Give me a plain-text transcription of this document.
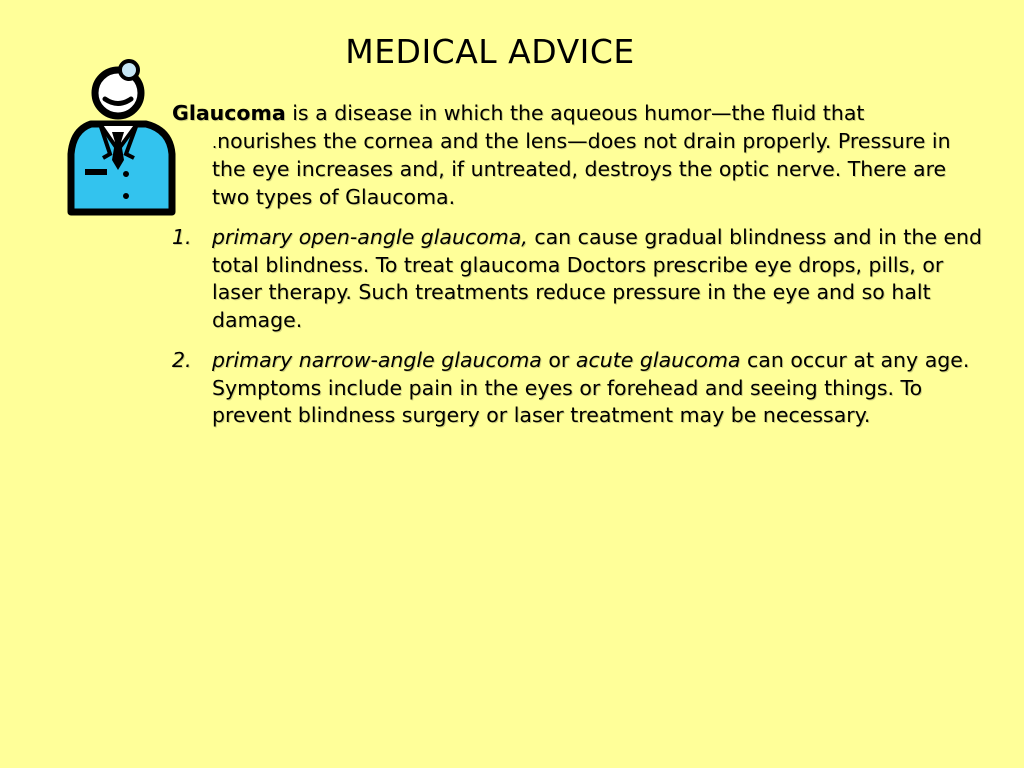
MEDICAL ADVICE

Glaucoma is a disease in which the aqueous humor—the fluid that
.nourishes the cornea and the lens—does not drain properly. Pressure in the eye increases and, if untreated, destroys the optic nerve. There are two types of Glaucoma.

1. primary open-angle glaucoma, can cause gradual blindness and in the end total blindness. To treat glaucoma Doctors prescribe eye drops, pills, or laser therapy. Such treatments reduce pressure in the eye and so halt damage.
2. primary narrow-angle glaucoma or acute glaucoma can occur at any age. Symptoms include pain in the eyes or forehead and seeing things. To prevent blindness surgery or laser treatment may be necessary.
